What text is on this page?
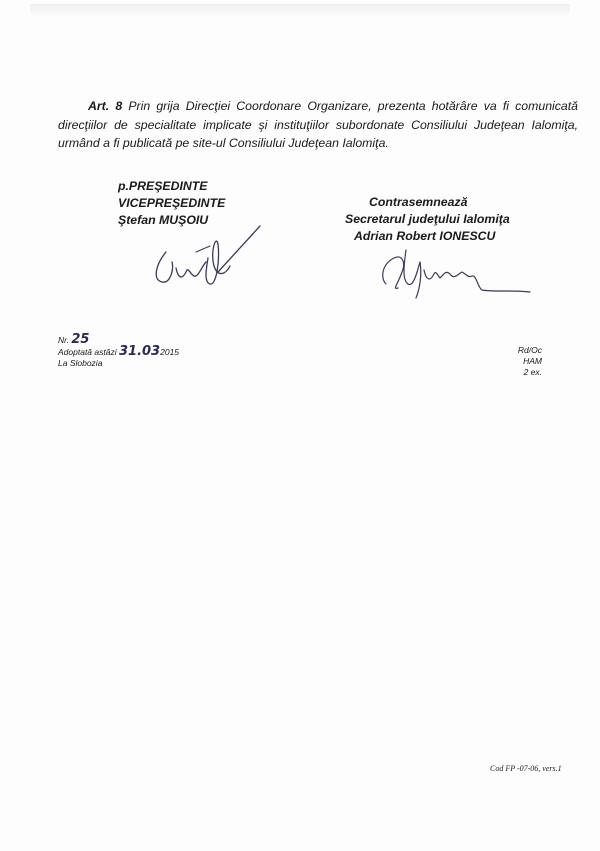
Art. 8 Prin grija Direcţiei Coordonare Organizare, prezenta hotărâre va fi comunicată direcţiilor de specialitate implicate şi instituţiilor subordonate Consiliului Judeţean Ialomiţa, urmând a fi publicată pe site-ul Consiliului Judeţean Ialomiţa.
p.PREŞEDINTE
VICEPREŞEDINTE
Ştefan MUŞOIU
Contrasemnează
Secretarul judeţului Ialomiţa
Adrian Robert IONESCU
Nr. 25
Adoptată astăzi 31.032015
La Slobozia
Rd/Oc
HAM
2 ex.
Cod FP -07-06, vers.1
